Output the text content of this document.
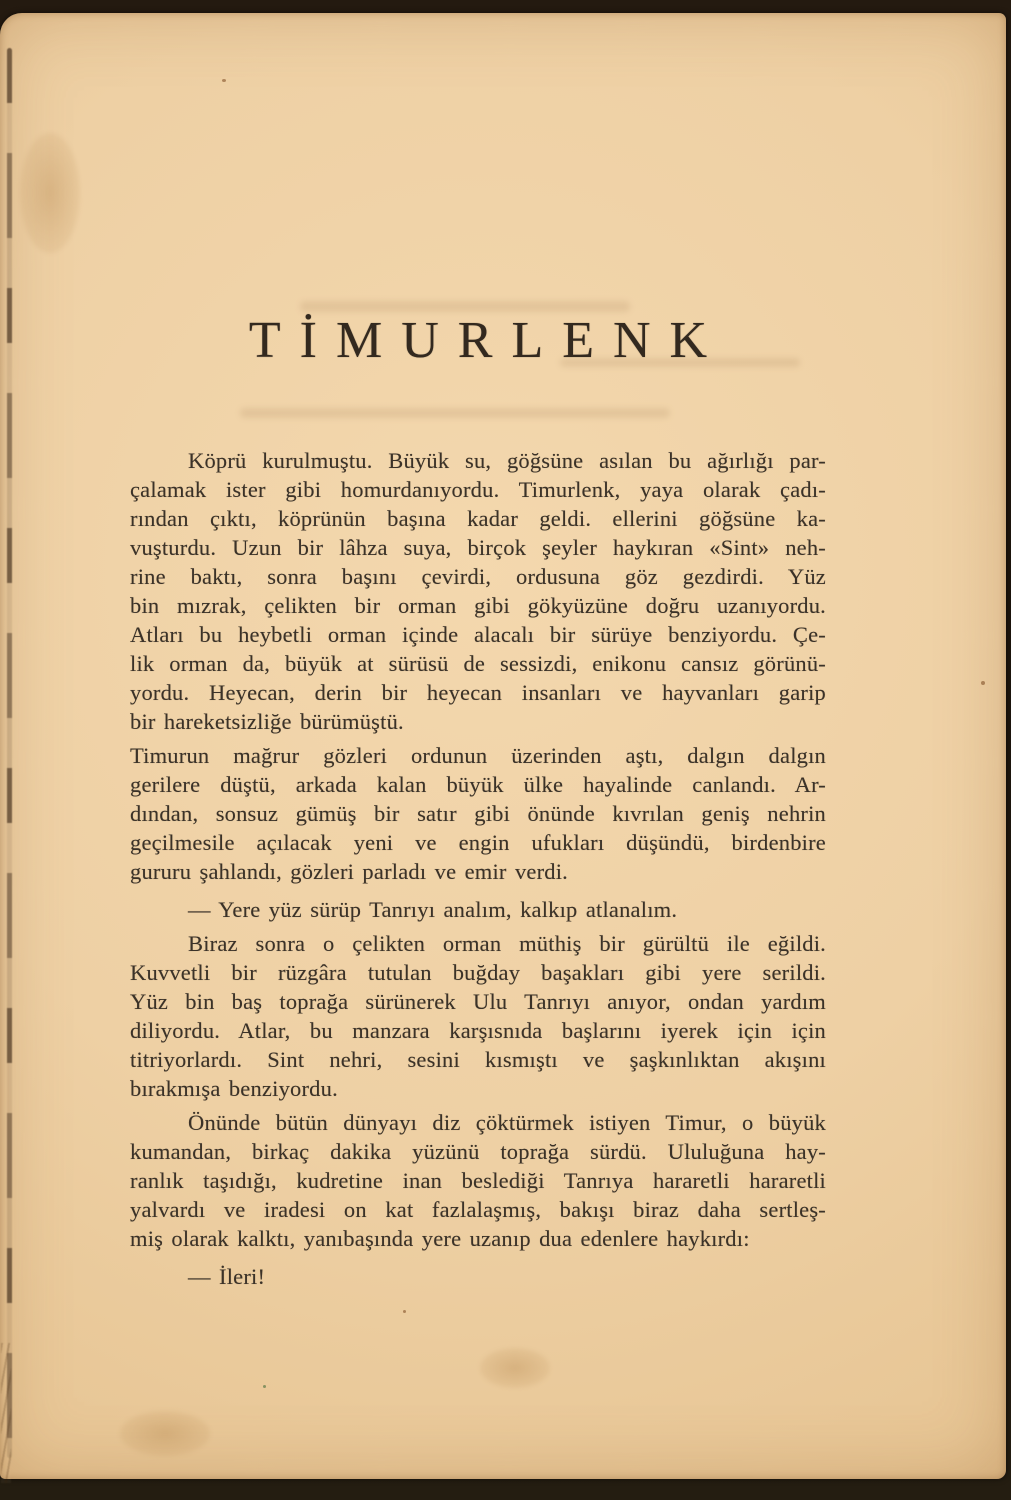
TİMURLENK
Köprü kurulmuştu. Büyük su, göğsüne asılan bu ağırlığı par-
çalamak ister gibi homurdanıyordu. Timurlenk, yaya olarak çadı-
rından çıktı, köprünün başına kadar geldi. ellerini göğsüne ka-
vuşturdu. Uzun bir lâhza suya, birçok şeyler haykıran «Sint» neh-
rine baktı, sonra başını çevirdi, ordusuna göz gezdirdi. Yüz
bin mızrak, çelikten bir orman gibi gökyüzüne doğru uzanıyordu.
Atları bu heybetli orman içinde alacalı bir sürüye benziyordu. Çe-
lik orman da, büyük at sürüsü de sessizdi, enikonu cansız görünü-
yordu. Heyecan, derin bir heyecan insanları ve hayvanları garip
bir hareketsizliğe bürümüştü.
Timurun mağrur gözleri ordunun üzerinden aştı, dalgın dalgın
gerilere düştü, arkada kalan büyük ülke hayalinde canlandı. Ar-
dından, sonsuz gümüş bir satır gibi önünde kıvrılan geniş nehrin
geçilmesile açılacak yeni ve engin ufukları düşündü, birdenbire
gururu şahlandı, gözleri parladı ve emir verdi.
— Yere yüz sürüp Tanrıyı analım, kalkıp atlanalım.
Biraz sonra o çelikten orman müthiş bir gürültü ile eğildi.
Kuvvetli bir rüzgâra tutulan buğday başakları gibi yere serildi.
Yüz bin baş toprağa sürünerek Ulu Tanrıyı anıyor, ondan yardım
diliyordu. Atlar, bu manzara karşısnıda başlarını iyerek için için
titriyorlardı. Sint nehri, sesini kısmıştı ve şaşkınlıktan akışını
bırakmışa benziyordu.
Önünde bütün dünyayı diz çöktürmek istiyen Timur, o büyük
kumandan, birkaç dakika yüzünü toprağa sürdü. Ululuğuna hay-
ranlık taşıdığı, kudretine inan beslediği Tanrıya hararetli hararetli
yalvardı ve iradesi on kat fazlalaşmış, bakışı biraz daha sertleş-
miş olarak kalktı, yanıbaşında yere uzanıp dua edenlere haykırdı:
— İleri!
